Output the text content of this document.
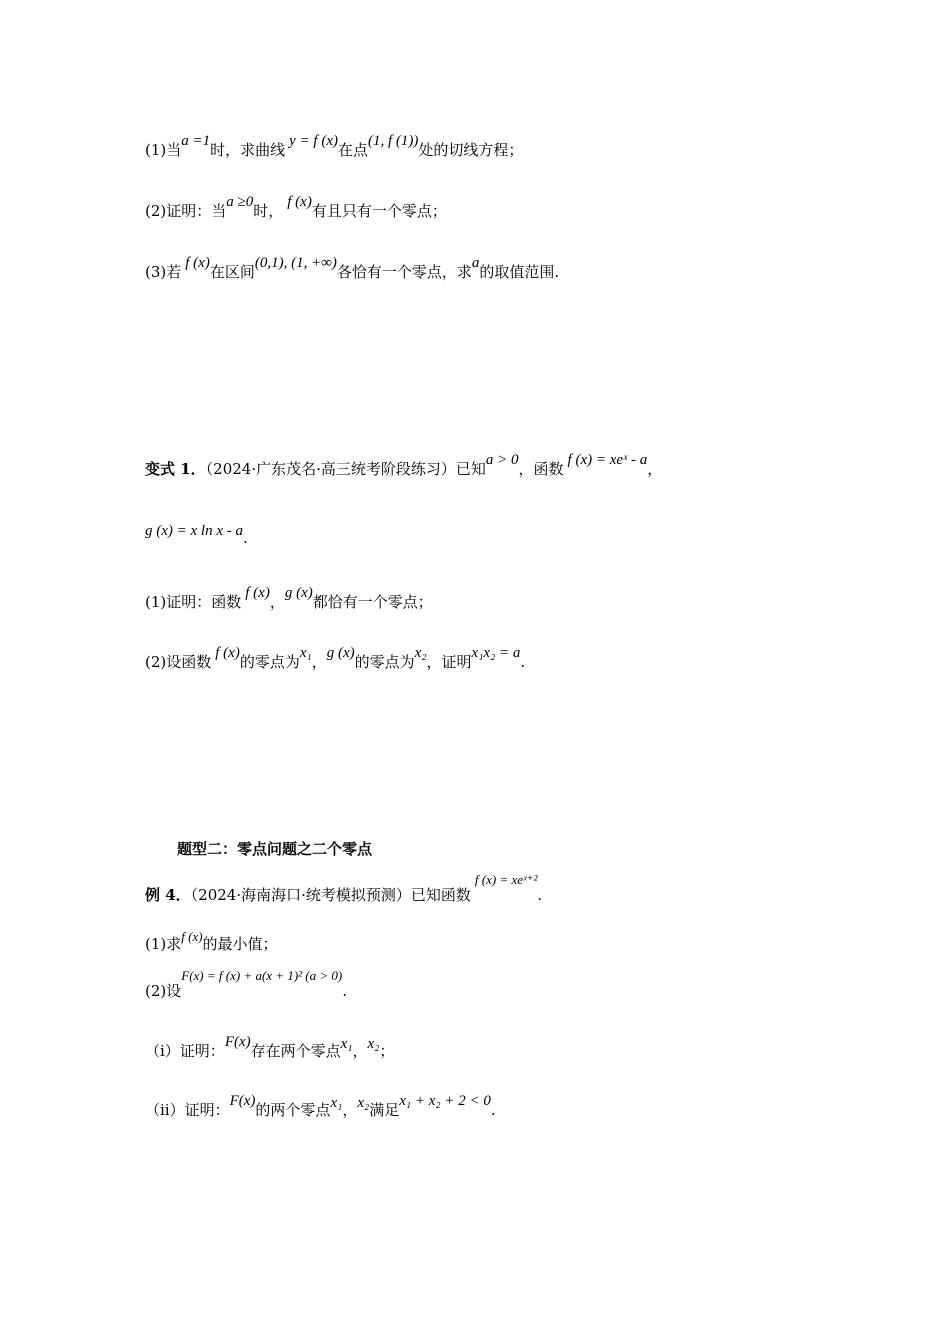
(1)当a =1时，求曲线 y = f (x)在点(1, f (1))处的切线方程；
(2)证明：当a ≥0时， f (x)有且只有一个零点；
(3)若 f (x)在区间(0,1), (1, +∞)各恰有一个零点，求a的取值范围.
变式 1．（2024·广东茂名·高三统考阶段练习）已知a > 0，函数 f (x) = xeˣ - a，
g (x) = x ln x - a.
(1)证明：函数 f (x)，g (x)都恰有一个零点；
(2)设函数 f (x)的零点为x₁，g (x)的零点为x₂，证明x₁x₂ = a.
题型二：零点问题之二个零点
例 4．（2024·海南海口·统考模拟预测）已知函数f (x) = xeˣ⁺².
(1)求f (x)的最小值；
(2)设F(x) = f (x) + a(x + 1)² (a > 0).
（ⅰ）证明：F(x)存在两个零点x₁，x₂；
（ⅱ）证明：F(x)的两个零点x₁，x₂满足x₁ + x₂ + 2 < 0.
